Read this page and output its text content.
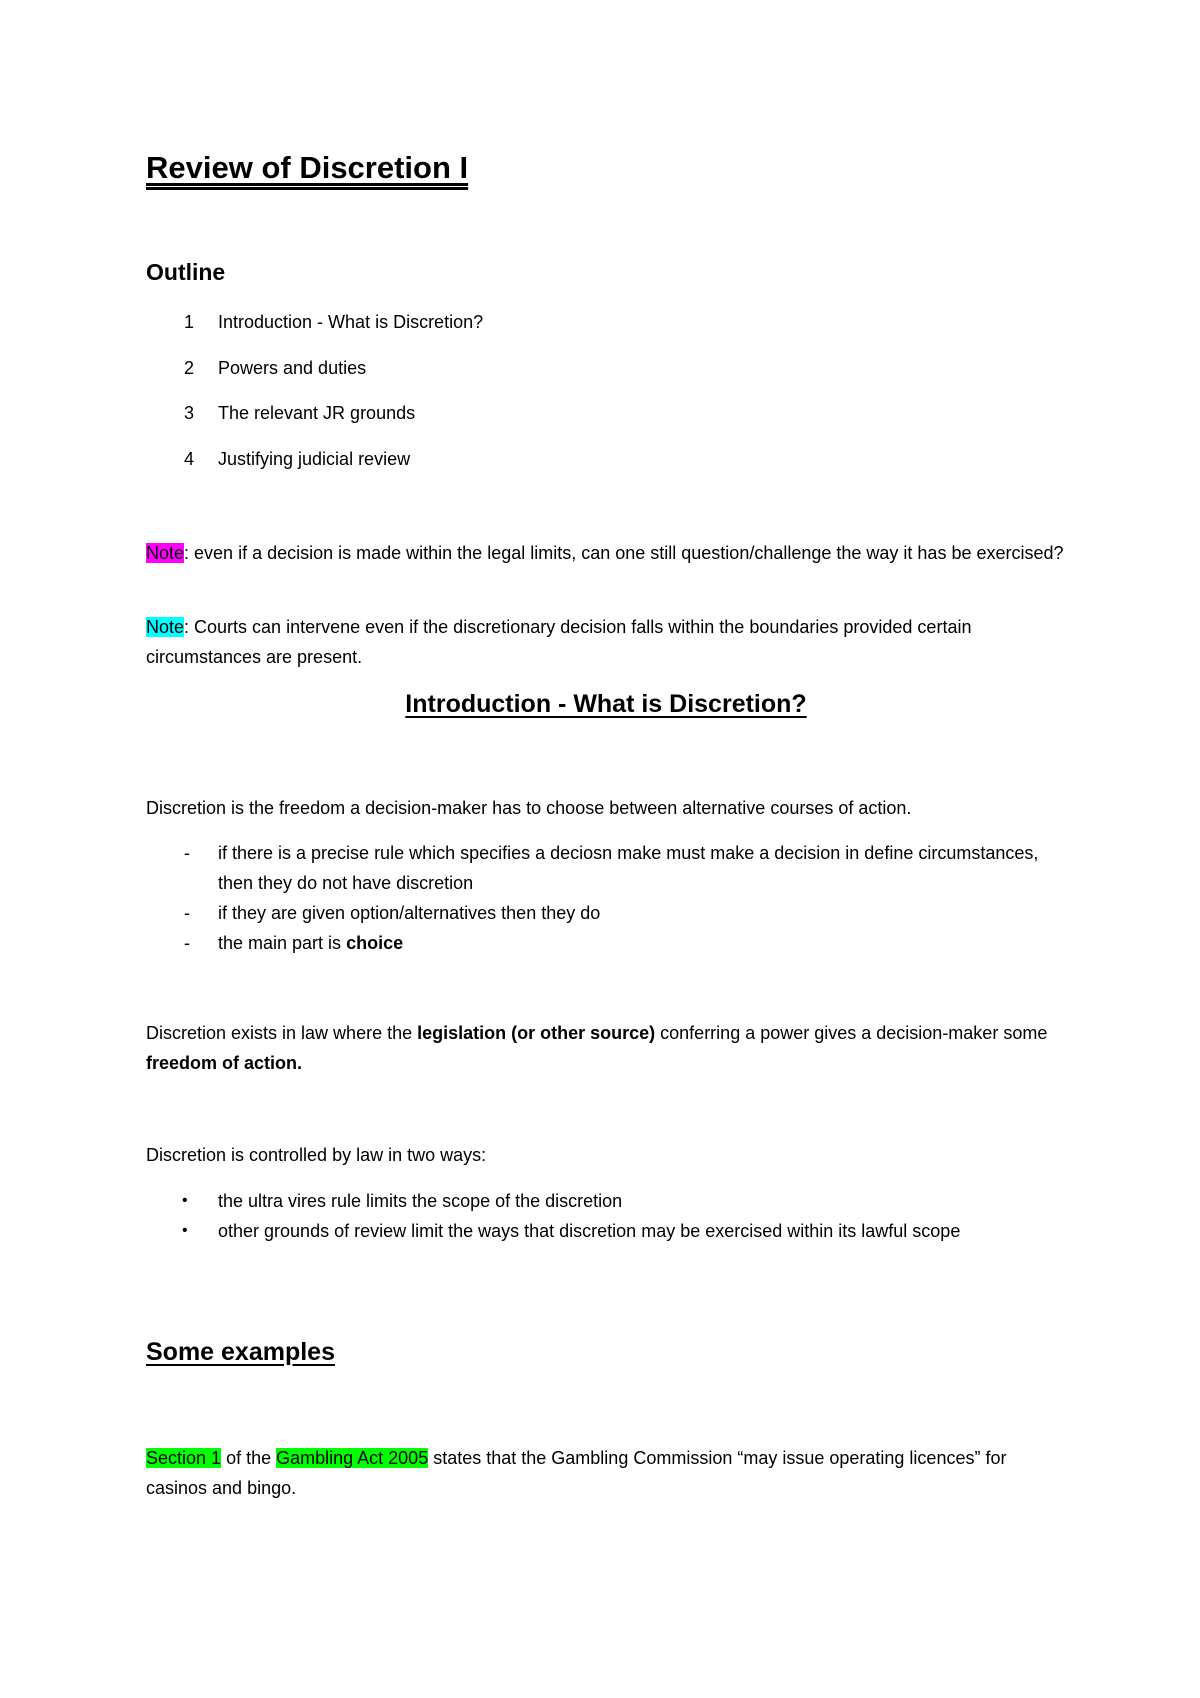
Review of Discretion I
Outline
1	Introduction - What is Discretion?
2	Powers and duties
3	The relevant JR grounds
4	Justifying judicial review

Note: even if a decision is made within the legal limits, can one still question/challenge the way it has be exercised?

Note: Courts can intervene even if the discretionary decision falls within the boundaries provided certain circumstances are present.

Introduction - What is Discretion?

Discretion is the freedom a decision-maker has to choose between alternative courses of action.

-	if there is a precise rule which specifies a deciosn make must make a decision in define circumstances, then they do not have discretion
-	if they are given option/alternatives then they do
-	the main part is choice

Discretion exists in law where the legislation (or other source) conferring a power gives a decision-maker some freedom of action.

Discretion is controlled by law in two ways:

•	the ultra vires rule limits the scope of the discretion
•	other grounds of review limit the ways that discretion may be exercised within its lawful scope
Some examples

Section 1 of the Gambling Act 2005 states that the Gambling Commission “may issue operating licences” for casinos and bingo.
